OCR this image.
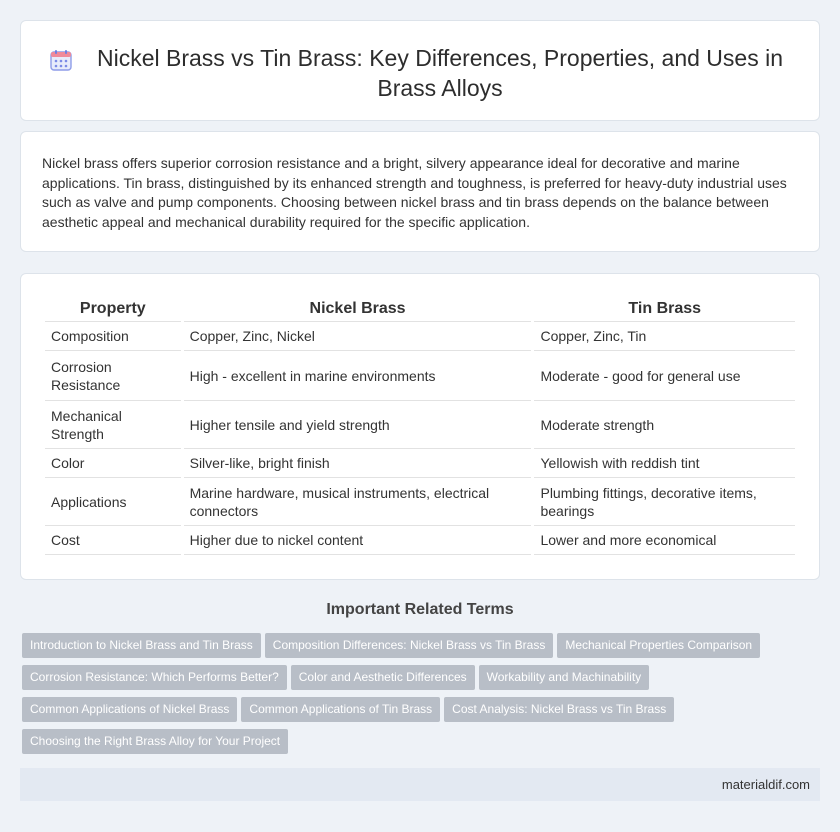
Nickel Brass vs Tin Brass: Key Differences, Properties, and Uses in Brass Alloys

Nickel brass offers superior corrosion resistance and a bright, silvery appearance ideal for decorative and marine applications. Tin brass, distinguished by its enhanced strength and toughness, is preferred for heavy-duty industrial uses such as valve and pump components. Choosing between nickel brass and tin brass depends on the balance between aesthetic appeal and mechanical durability required for the specific application.

Property	Nickel Brass	Tin Brass
Composition	Copper, Zinc, Nickel	Copper, Zinc, Tin
Corrosion Resistance	High - excellent in marine environments	Moderate - good for general use
Mechanical Strength	Higher tensile and yield strength	Moderate strength
Color	Silver-like, bright finish	Yellowish with reddish tint
Applications	Marine hardware, musical instruments, electrical connectors	Plumbing fittings, decorative items, bearings
Cost	Higher due to nickel content	Lower and more economical
Important Related Terms
Introduction to Nickel Brass and Tin Brass Composition Differences: Nickel Brass vs Tin Brass Mechanical Properties Comparison
Corrosion Resistance: Which Performs Better? Color and Aesthetic Differences Workability and Machinability
Common Applications of Nickel Brass Common Applications of Tin Brass Cost Analysis: Nickel Brass vs Tin Brass
Choosing the Right Brass Alloy for Your Project
materialdif.com
